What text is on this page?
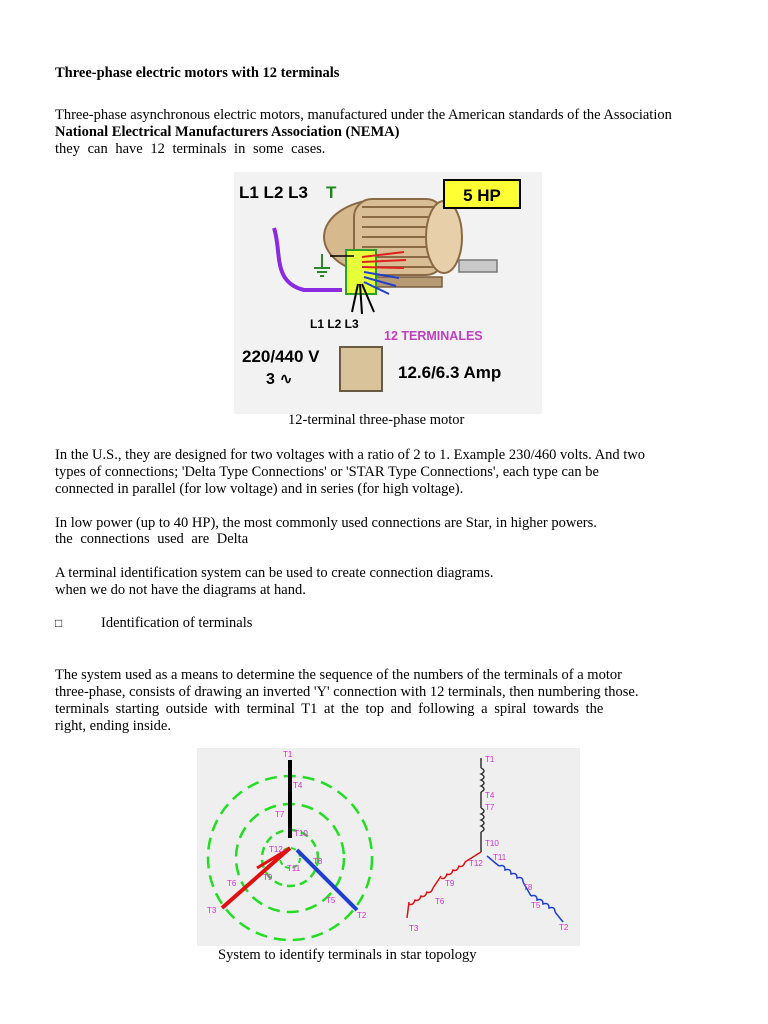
Three-phase electric motors with 12 terminals
Three-phase asynchronous electric motors, manufactured under the American standards of the Association
National Electrical Manufacturers Association (NEMA)
they can have 12 terminals in some cases.
5 HP
L1 L2 L3 T
L1 L2 L3
12 TERMINALES
220/440 V
3 ∿	12.6/6.3 Amp
12-terminal three-phase motor
In the U.S., they are designed for two voltages with a ratio of 2 to 1. Example 230/460 volts. And two
types of connections; 'Delta Type Connections' or 'STAR Type Connections', each type can be
connected in parallel (for low voltage) and in series (for high voltage).
In low power (up to 40 HP), the most commonly used connections are Star, in higher powers.
the connections used are Delta
A terminal identification system can be used to create connection diagrams.
when we do not have the diagrams at hand.
□	Identification of terminals
The system used as a means to determine the sequence of the numbers of the terminals of a motor
three-phase, consists of drawing an inverted 'Y' connection with 12 terminals, then numbering those.
terminals starting outside with terminal T1 at the top and following a spiral towards the
right, ending inside.
T1
T4
T7
T10
T12
T9
T11
T8
T6
T3
T5
T2
T1
T4
T7
T10
T11
T12
T9
T6
T3
T8
T5
T2
System to identify terminals in star topology
